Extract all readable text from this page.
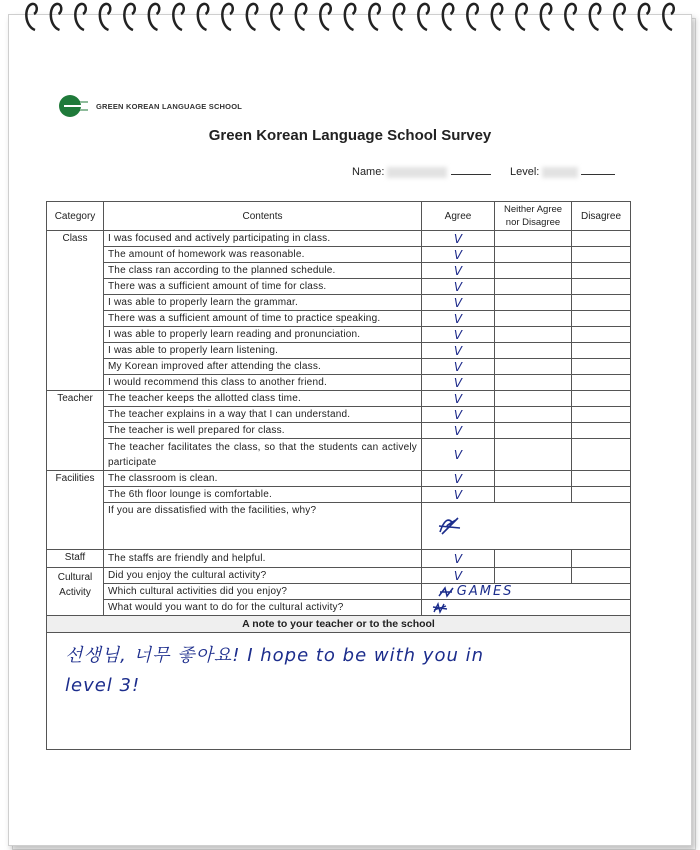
GREEN KOREAN LANGUAGE SCHOOL
Green Korean Language School Survey
Name:	Level:
Category	Contents	Agree	Neither Agree nor Disagree	Disagree
Class	I was focused and actively participating in class.	V		
	The amount of homework was reasonable.	V		
	The class ran according to the planned schedule.	V		
	There was a sufficient amount of time for class.	V		
	I was able to properly learn the grammar.	V		
	There was a sufficient amount of time to practice speaking.	V		
	I was able to properly learn reading and pronunciation.	V		
	I was able to properly learn listening.	V		
	My Korean improved after attending the class.	V		
	I would recommend this class to another friend.	V		
Teacher	The teacher keeps the allotted class time.	V		
	The teacher explains in a way that I can understand.	V		
	The teacher is well prepared for class.	V		
	The teacher facilitates the class, so that the students can actively participate	V		
Facilities	The classroom is clean.	V		
	The 6th floor lounge is comfortable.	V		
	If you are dissatisfied with the facilities, why?	
Staff	The staffs are friendly and helpful.	V		
Cultural Activity	Did you enjoy the cultural activity?	V		
	Which cultural activities did you enjoy?	GAMES		
	What would you want to do for the cultural activity?	
A note to your teacher or to the school				

선생님, 너무 좋아요! I hope to be with you in
level 3!				
